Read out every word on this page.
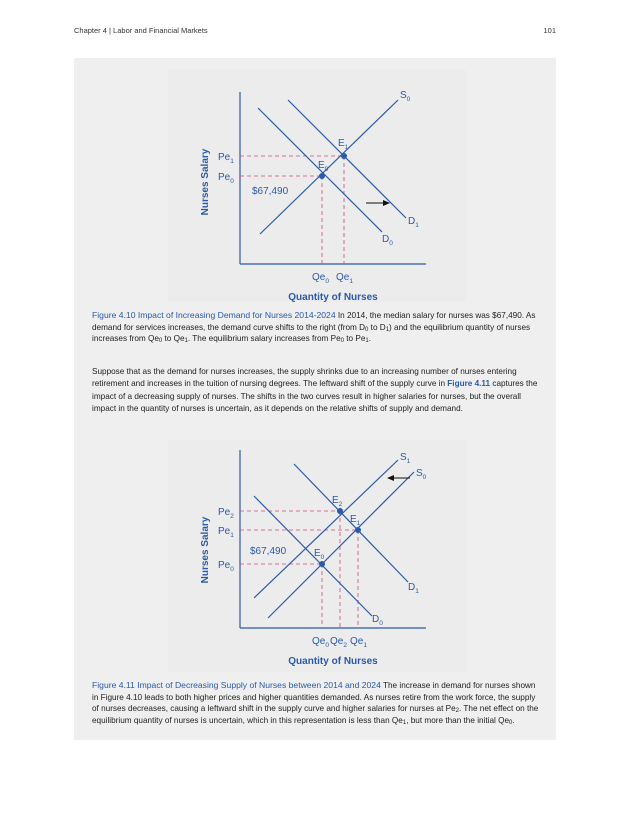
Chapter 4 | Labor and Financial Markets	101
$S_0$
$D_1$
$D_0$
$E_1$
$E_0$
$Pe_1$
$Pe_0$
$67,490
$Qe_0$ $Qe_1$
Quantity of Nurses
Nurses Salary
Figure 4.10 Impact of Increasing Demand for Nurses 2014-2024 In 2014, the median salary for nurses was $67,490. As demand for services increases, the demand curve shifts to the right (from $D_0$ to $D_1$) and the equilibrium quantity of nurses increases from $Qe_0$ to $Qe_1$. The equilibrium salary increases from $Pe_0$ to $Pe_1$.
Suppose that as the demand for nurses increases, the supply shrinks due to an increasing number of nurses entering retirement and increases in the tuition of nursing degrees. The leftward shift of the supply curve in Figure 4.11 captures the impact of a decreasing supply of nurses. The shifts in the two curves result in higher salaries for nurses, but the overall impact in the quantity of nurses is uncertain, as it depends on the relative shifts of supply and demand.
$S_1$
$S_0$
$D_1$
$D_0$
$E_2$
$E_1$
$E_0$
$Pe_2$
$Pe_1$
$Pe_0$
$67,490
$Qe_0$ $Qe_2$ $Qe_1$
Quantity of Nurses
Nurses Salary
Figure 4.11 Impact of Decreasing Supply of Nurses between 2014 and 2024 The increase in demand for nurses shown in Figure 4.10 leads to both higher prices and higher quantities demanded. As nurses retire from the work force, the supply of nurses decreases, causing a leftward shift in the supply curve and higher salaries for nurses at $Pe_2$. The net effect on the equilibrium quantity of nurses is uncertain, which in this representation is less than $Qe_1$, but more than the initial $Qe_0$.
